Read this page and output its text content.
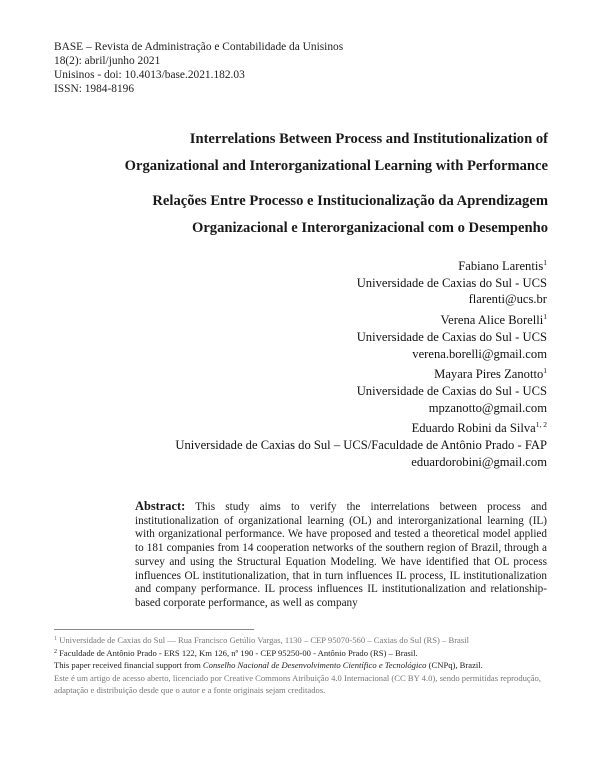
BASE – Revista de Administração e Contabilidade da Unisinos
18(2): abril/junho 2021
Unisinos - doi: 10.4013/base.2021.182.03
ISSN: 1984-8196
Interrelations Between Process and Institutionalization of
Organizational and Interorganizational Learning with Performance
Relações Entre Processo e Institucionalização da Aprendizagem
Organizacional e Interorganizacional com o Desempenho
Fabiano Larentis$^1$
Universidade de Caxias do Sul - UCS
flarenti@ucs.br
Verena Alice Borelli$^1$
Universidade de Caxias do Sul - UCS
verena.borelli@gmail.com
Mayara Pires Zanotto$^1$
Universidade de Caxias do Sul - UCS
mpzanotto@gmail.com
Eduardo Robini da Silva$^{1, 2}$
Universidade de Caxias do Sul – UCS/Faculdade de Antônio Prado - FAP
eduardorobini@gmail.com
Abstract: This study aims to verify the interrelations between process and institutionalization of organizational learning (OL) and interorganizational learning (IL) with organizational performance. We have proposed and tested a theoretical model applied to 181 companies from 14 cooperation networks of the southern region of Brazil, through a survey and using the Structural Equation Modeling. We have identified that OL process influences OL institutionalization, that in turn influences IL process, IL institutionalization and company performance. IL process influences IL institutionalization and relationship-based corporate performance, as well as company
$^1$ Universidade de Caxias do Sul — Rua Francisco Getúlio Vargas, 1130 – CEP 95070-560 – Caxias do Sul (RS) – Brasil
$^2$ Faculdade de Antônio Prado - ERS 122, Km 126, nº 190 - CEP 95250-00 - Antônio Prado (RS) – Brasil.
This paper received financial support from Conselho Nacional de Desenvolvimento Científico e Tecnológico (CNPq), Brazil.
Este é um artigo de acesso aberto, licenciado por Creative Commons Atribuição 4.0 Internacional (CC BY 4.0), sendo permitidas reprodução, adaptação e distribuição desde que o autor e a fonte originais sejam creditados.
